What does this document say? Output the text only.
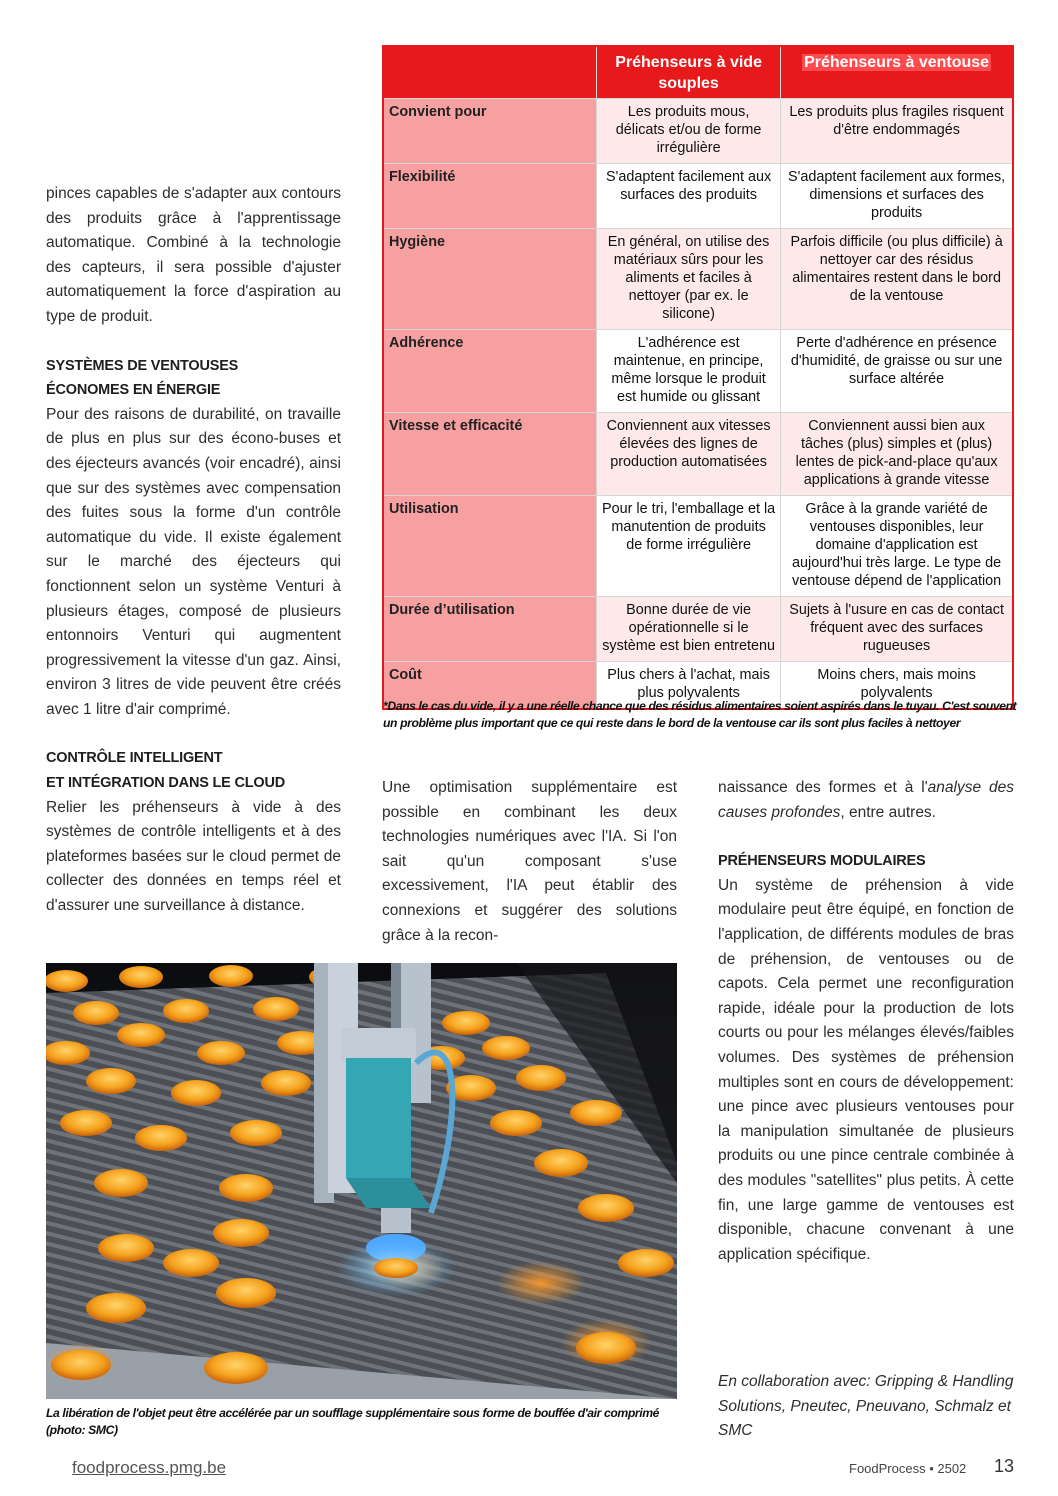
pinces capables de s'adapter aux contours des produits grâce à l'apprentissage automatique. Combiné à la technologie des capteurs, il sera possible d'ajuster automatiquement la force d'aspiration au type de produit.

SYSTÈMES DE VENTOUSES
ÉCONOMES EN ÉNERGIE

Pour des raisons de durabilité, on travaille de plus en plus sur des écono-buses et des éjecteurs avancés (voir encadré), ainsi que sur des systèmes avec compensation des fuites sous la forme d'un contrôle automatique du vide. Il existe également sur le marché des éjecteurs qui fonctionnent selon un système Venturi à plusieurs étages, composé de plusieurs entonnoirs Venturi qui augmentent progressivement la vitesse d'un gaz. Ainsi, environ 3 litres de vide peuvent être créés avec 1 litre d'air comprimé.

CONTRÔLE INTELLIGENT
ET INTÉGRATION DANS LE CLOUD

Relier les préhenseurs à vide à des systèmes de contrôle intelligents et à des plateformes basées sur le cloud permet de collecter des données en temps réel et d'assurer une surveillance à distance.

	Préhenseurs à vide souples	Préhenseurs à ventouse
Convient pour	Les produits mous, délicats et/ou de forme irrégulière	Les produits plus fragiles risquent d'être endommagés
Flexibilité	S'adaptent facilement aux surfaces des produits	S'adaptent facilement aux formes, dimensions et surfaces des produits
Hygiène	En général, on utilise des matériaux sûrs pour les aliments et faciles à nettoyer (par ex. le silicone)	Parfois difficile (ou plus difficile) à nettoyer car des résidus alimentaires restent dans le bord de la ventouse
Adhérence	L'adhérence est maintenue, en principe, même lorsque le produit est humide ou glissant	Perte d'adhérence en présence d'humidité, de graisse ou sur une surface altérée
Vitesse et efficacité	Conviennent aux vitesses élevées des lignes de production automatisées	Conviennent aussi bien aux tâches (plus) simples et (plus) lentes de pick-and-place qu'aux applications à grande vitesse
Utilisation	Pour le tri, l'emballage et la manutention de produits de forme irrégulière	Grâce à la grande variété de ventouses disponibles, leur domaine d'application est aujourd'hui très large. Le type de ventouse dépend de l'application
Durée d’utilisation	Bonne durée de vie opérationnelle si le système est bien entretenu	Sujets à l'usure en cas de contact fréquent avec des surfaces rugueuses
Coût	Plus chers à l'achat, mais plus polyvalents	Moins chers, mais moins polyvalents
*Dans le cas du vide, il y a une réelle chance que des résidus alimentaires soient aspirés dans le tuyau. C'est souvent un problème plus important que ce qui reste dans le bord de la ventouse car ils sont plus faciles à nettoyer

Une optimisation supplémentaire est possible en combinant les deux technologies numériques avec l'IA. Si l'on sait qu'un composant s'use excessivement, l'IA peut établir des connexions et suggérer des solutions grâce à la recon-

naissance des formes et à l'analyse des causes profondes, entre autres.

PRÉHENSEURS MODULAIRES

Un système de préhension à vide modulaire peut être équipé, en fonction de l'application, de différents modules de bras de préhension, de ventouses ou de capots. Cela permet une reconfiguration rapide, idéale pour la production de lots courts ou pour les mélanges élevés/faibles volumes. Des systèmes de préhension multiples sont en cours de développement: une pince avec plusieurs ventouses pour la manipulation simultanée de plusieurs produits ou une pince centrale combinée à des modules "satellites" plus petits. À cette fin, une large gamme de ventouses est disponible, chacune convenant à une application spécifique.

En collaboration avec: Gripping & Handling Solutions, Pneutec, Pneuvano, Schmalz et SMC
La libération de l'objet peut être accélérée par un soufflage supplémentaire sous forme de bouffée d'air comprimé (photo: SMC)
foodprocess.pmg.be	FoodProcess • 2502 13
